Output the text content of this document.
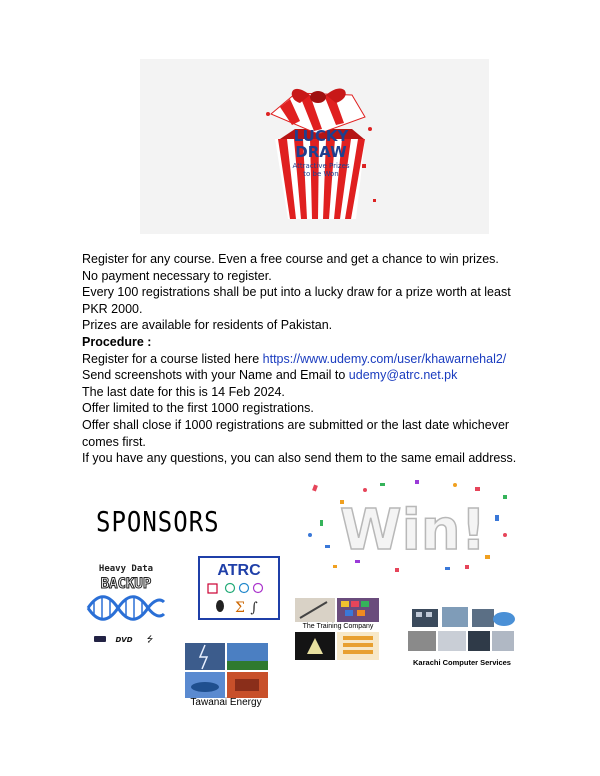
LUCKY
DRAW
Attractive Prizes
to be Won

Register for any course. Even a free course and get a chance to win prizes.

No payment necessary to register.

Every 100 registrations shall be put into a lucky draw for a prize worth at least PKR 2000.

Prizes are available for residents of Pakistan.

Procedure :

Register for a course listed here https://www.udemy.com/user/khawarnehal2/

Send screenshots with your Name and Email to udemy@atrc.net.pk

The last date for this is 14 Feb 2024.

Offer limited to the first 1000 registrations.

Offer shall close if 1000 registrations are submitted or the last date whichever comes first.

If you have any questions, you can also send them to the same email address.

Win!
SPONSORS
Heavy Data
BACKUP
DVD ⭍
ATRC
Σ ∫
The Training Company
Karachi Computer Services
Tawanai Energy
